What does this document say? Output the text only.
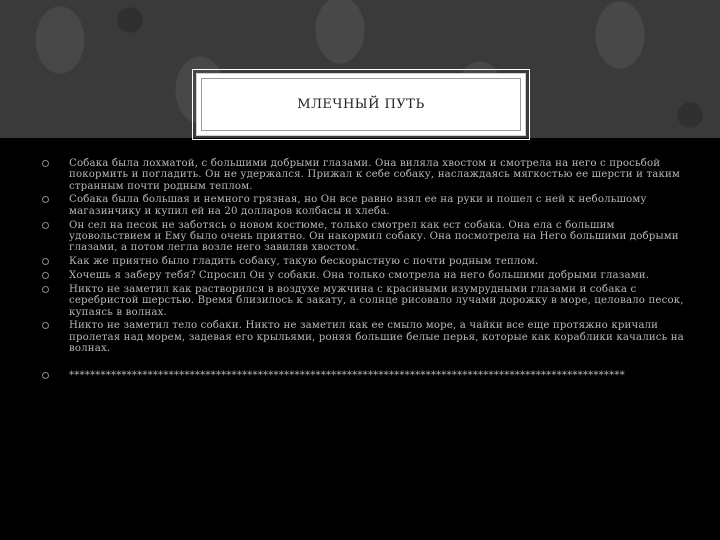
МЛЕЧНЫЙ ПУТЬ
Собака была лохматой, с большими добрыми глазами. Она виляла хвостом и смотрела на него с просьбой покормить и погладить. Он не удержался. Прижал к себе собаку, наслаждаясь мягкостью ее шерсти и таким странным почти родным теплом.
Собака была большая и немного грязная, но Он все равно взял ее на руки и пошел с ней к небольшому магазинчику и купил ей на 20 долларов колбасы и хлеба.
Он сел на песок не заботясь о новом костюме, только смотрел как ест собака. Она ела с большим удовольствием и Ему было очень приятно. Он накормил собаку. Она посмотрела на Него большими добрыми глазами, а потом легла возле него завиляв хвостом.
Как же приятно было гладить собаку, такую бескорыстную с почти родным теплом.
Хочешь я заберу тебя? Спросил Он у собаки. Она только смотрела на него большими добрыми глазами.
Никто не заметил как растворился в воздухе мужчина с красивыми изумрудными глазами и собака с серебристой шерстью. Время близилось к закату, а солнце рисовало лучами дорожку в море, целовало песок, купаясь в волнах.
Никто не заметил тело собаки. Никто не заметил как ее смыло море, а чайки все еще протяжно кричали пролетая над морем, задевая его крыльями, роняя большие белые перья, которые как кораблики качались на волнах.
**********************************************************************************************************
